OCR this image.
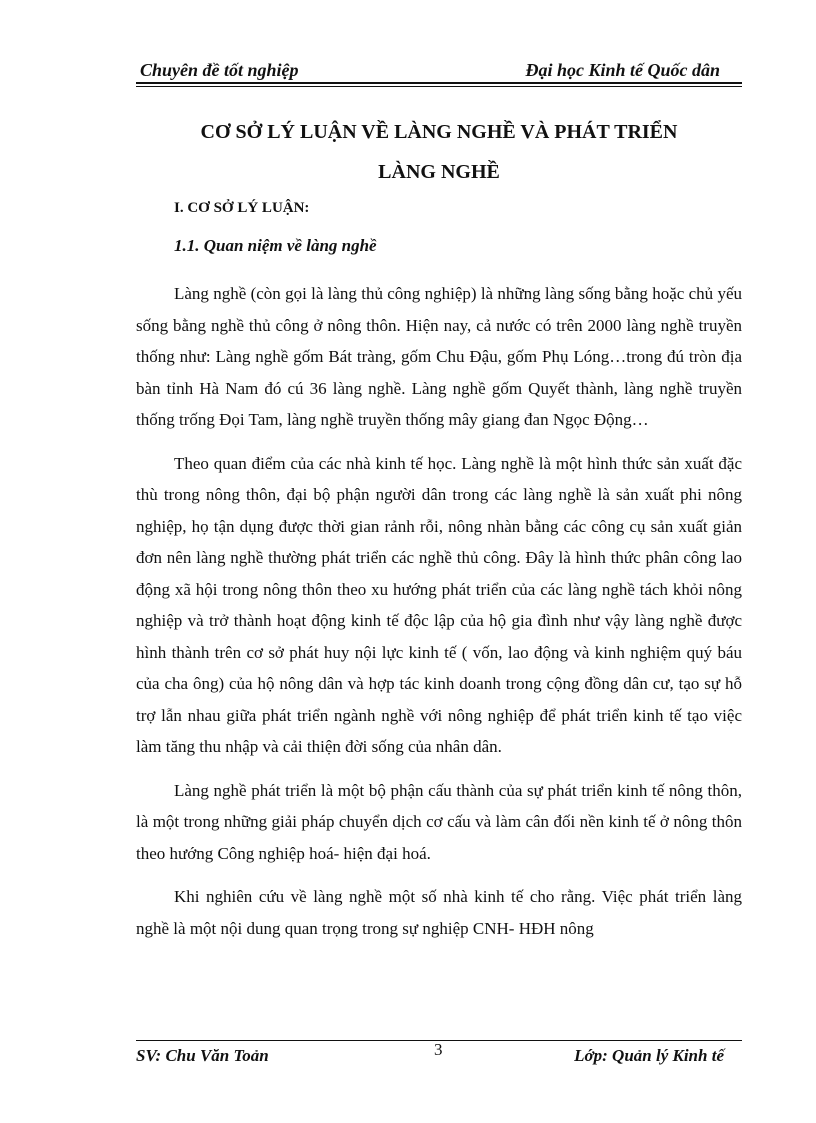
Chuyên đề tốt nghiệp	Đại học Kinh tế Quốc dân
CƠ SỞ LÝ LUẬN VỀ LÀNG NGHỀ VÀ PHÁT TRIỂN
LÀNG NGHỀ
I. CƠ SỞ LÝ LUẬN:
1.1. Quan niệm về làng nghề

Làng nghề (còn gọi là làng thủ công nghiệp) là những làng sống bằng hoặc chủ yếu sống bằng nghề thủ công ở nông thôn. Hiện nay, cả nước có trên 2000 làng nghề truyền thống như: Làng nghề gốm Bát tràng, gốm Chu Đậu, gốm Phụ Lóng…trong đú tròn địa bàn tỉnh Hà Nam đó cú 36 làng nghề. Làng nghề gốm Quyết thành, làng nghề truyền thống trống Đọi Tam, làng nghề truyền thống mây giang đan Ngọc Động…

Theo quan điểm của các nhà kinh tế học. Làng nghề là một hình thức sản xuất đặc thù trong nông thôn, đại bộ phận người dân trong các làng nghề là sản xuất phi nông nghiệp, họ tận dụng được thời gian rảnh rỗi, nông nhàn bằng các công cụ sản xuất giản đơn nên làng nghề thường phát triển các nghề thủ công. Đây là hình thức phân công lao động xã hội trong nông thôn theo xu hướng phát triển của các làng nghề tách khỏi nông nghiệp và trở thành hoạt động kinh tế độc lập của hộ gia đình như vậy làng nghề được hình thành trên cơ sở phát huy nội lực kinh tế ( vốn, lao động và kinh nghiệm quý báu của cha ông) của hộ nông dân và hợp tác kinh doanh trong cộng đồng dân cư, tạo sự hỗ trợ lẫn nhau giữa phát triển ngành nghề với nông nghiệp để phát triển kinh tế tạo việc làm tăng thu nhập và cải thiện đời sống của nhân dân.

Làng nghề phát triển là một bộ phận cấu thành của sự phát triển kinh tế nông thôn, là một trong những giải pháp chuyển dịch cơ cấu và làm cân đối nền kinh tế ở nông thôn theo hướng Công nghiệp hoá- hiện đại hoá.

Khi nghiên cứu về làng nghề một số nhà kinh tế cho rằng. Việc phát triển làng nghề là một nội dung quan trọng trong sự nghiệp CNH- HĐH nông

SV: Chu Văn Toản	3	Lớp: Quản lý Kinh tế
